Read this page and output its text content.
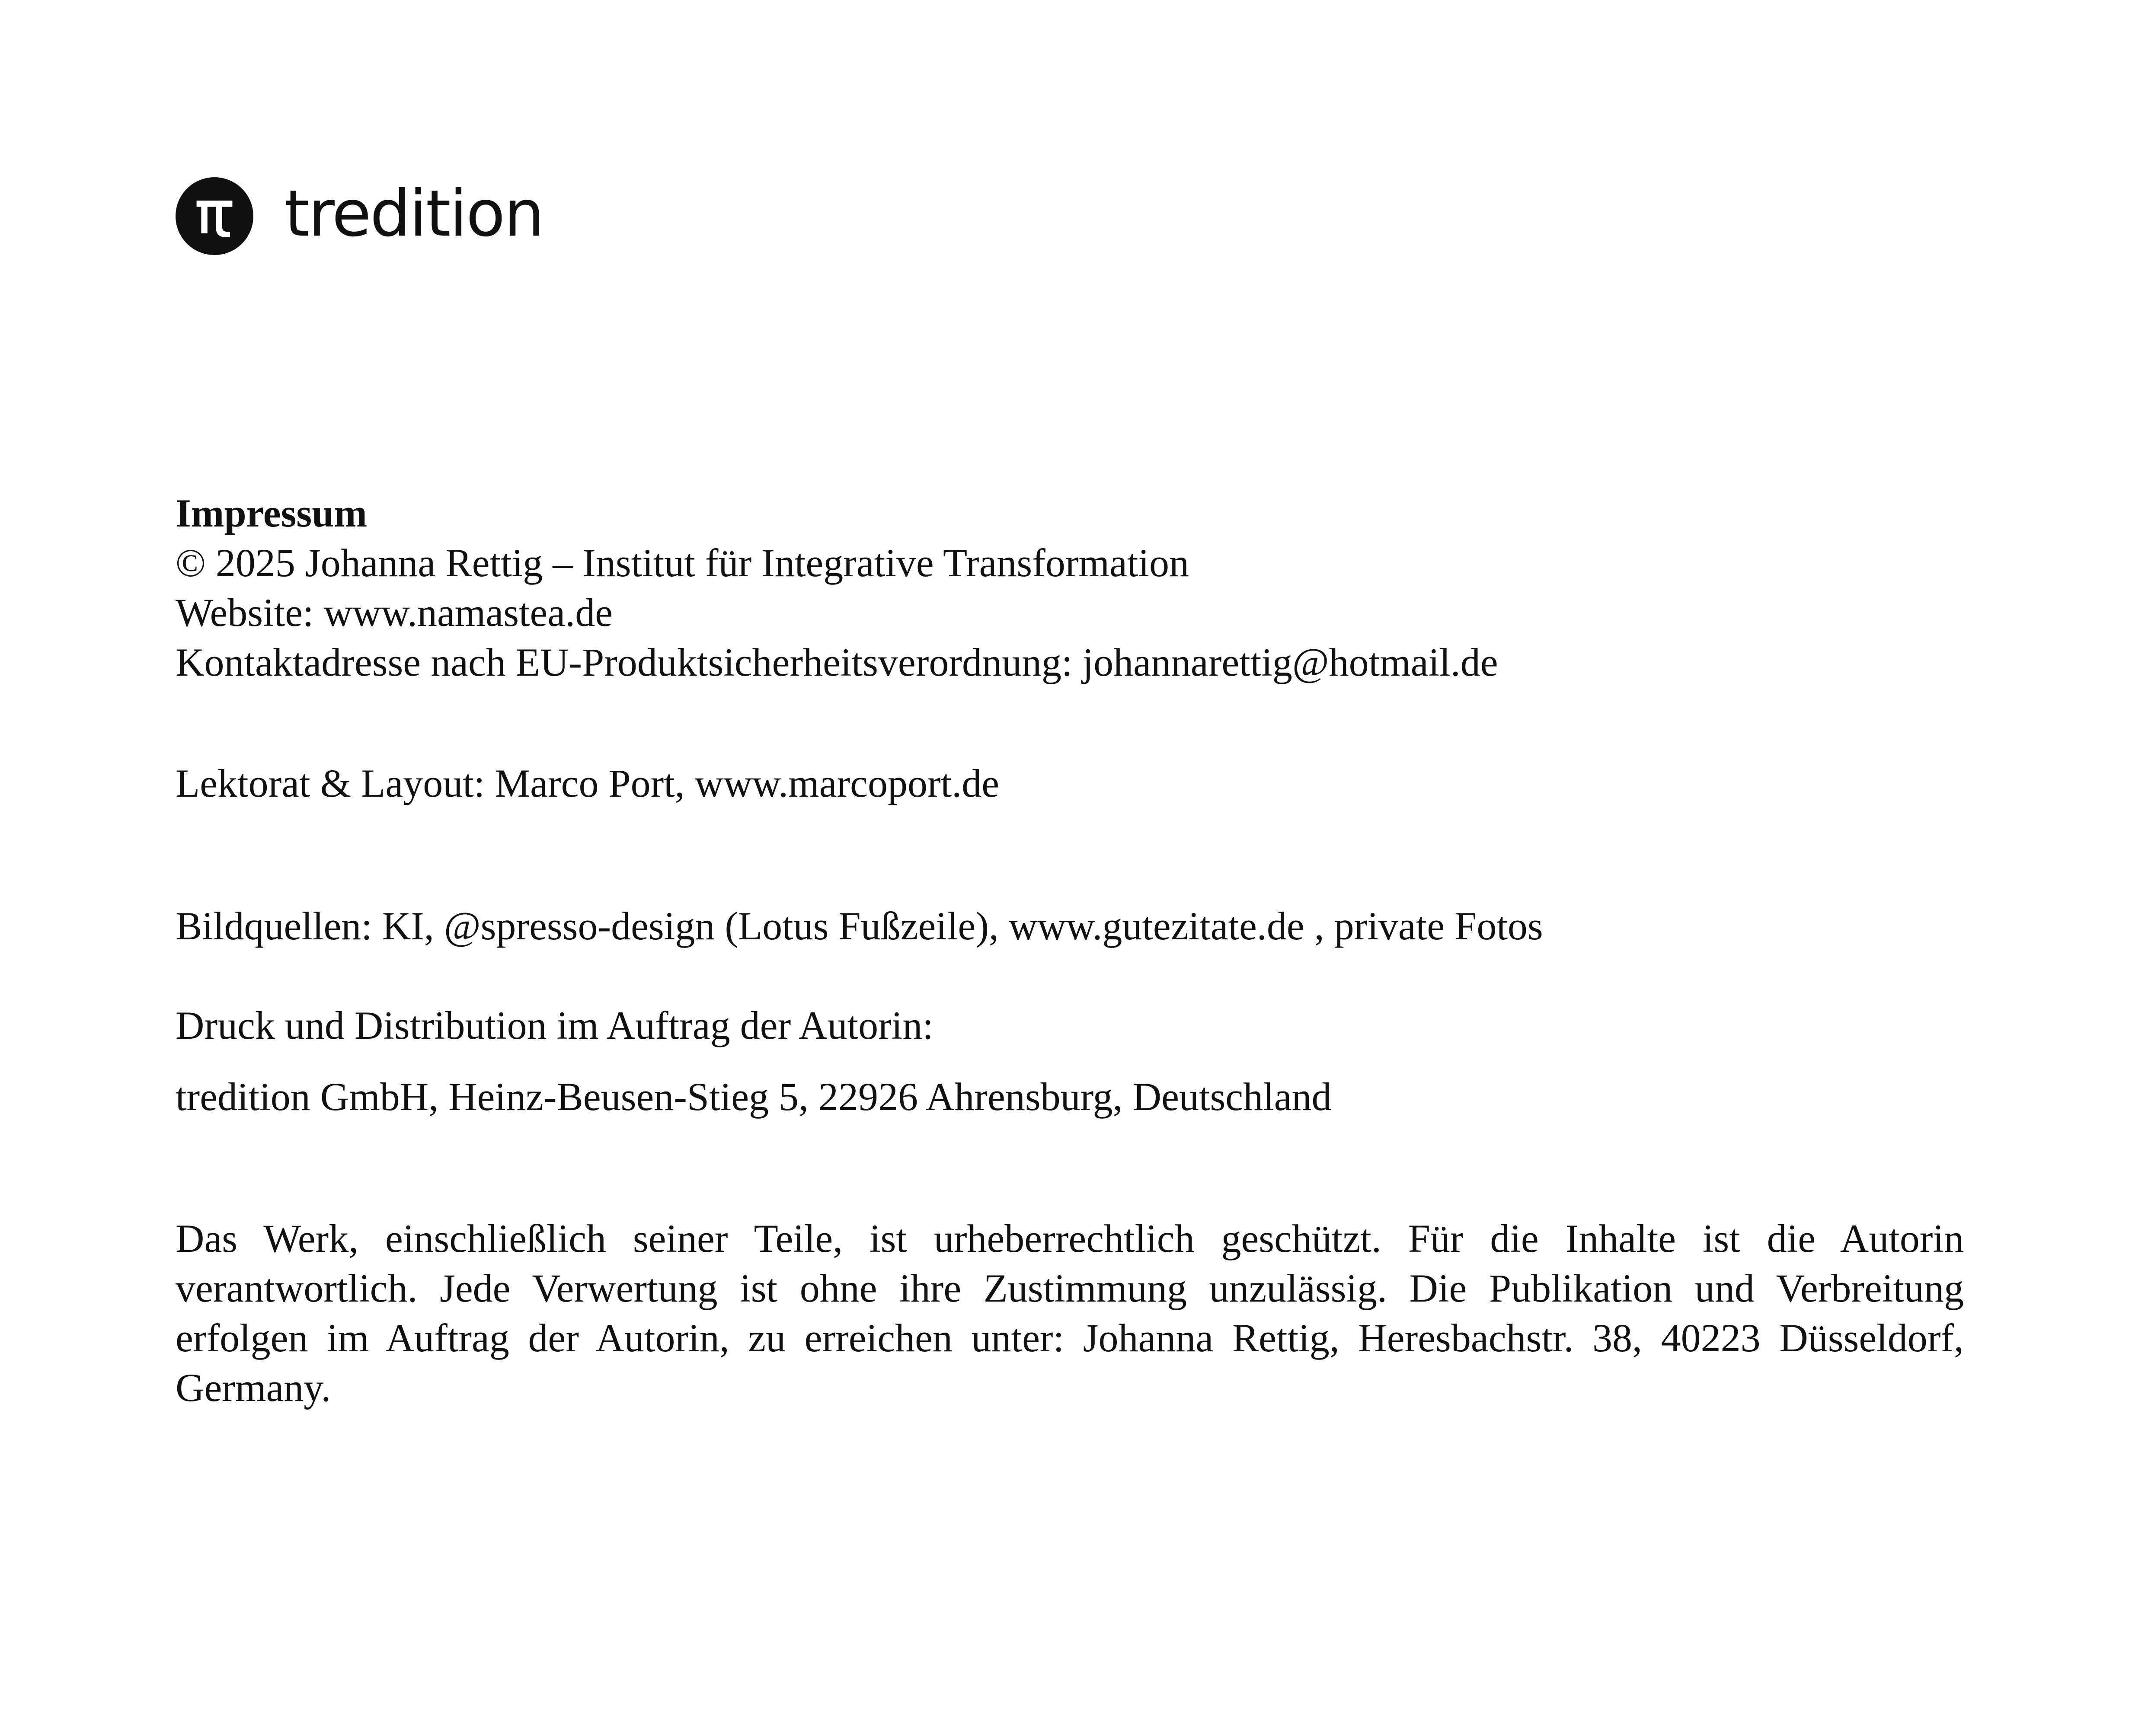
tredition
Impressum
© 2025 Johanna Rettig – Institut für Integrative Transformation
Website: www.namastea.de
Kontaktadresse nach EU-Produktsicherheitsverordnung: johannarettig@hotmail.de
Lektorat & Layout: Marco Port, www.marcoport.de
Bildquellen: KI, @spresso-design (Lotus Fußzeile), www.gutezitate.de , private Fotos
Druck und Distribution im Auftrag der Autorin:
tredition GmbH, Heinz-Beusen-Stieg 5, 22926 Ahrensburg, Deutschland
Das Werk, einschließlich seiner Teile, ist urheberrechtlich geschützt. Für die Inhalte ist die Autorin verantwortlich. Jede Verwertung ist ohne ihre Zustimmung unzulässig. Die Publikation und Verbreitung erfolgen im Auftrag der Autorin, zu erreichen unter: Johanna Rettig, Heresbachstr. 38, 40223 Düsseldorf, Germany.
